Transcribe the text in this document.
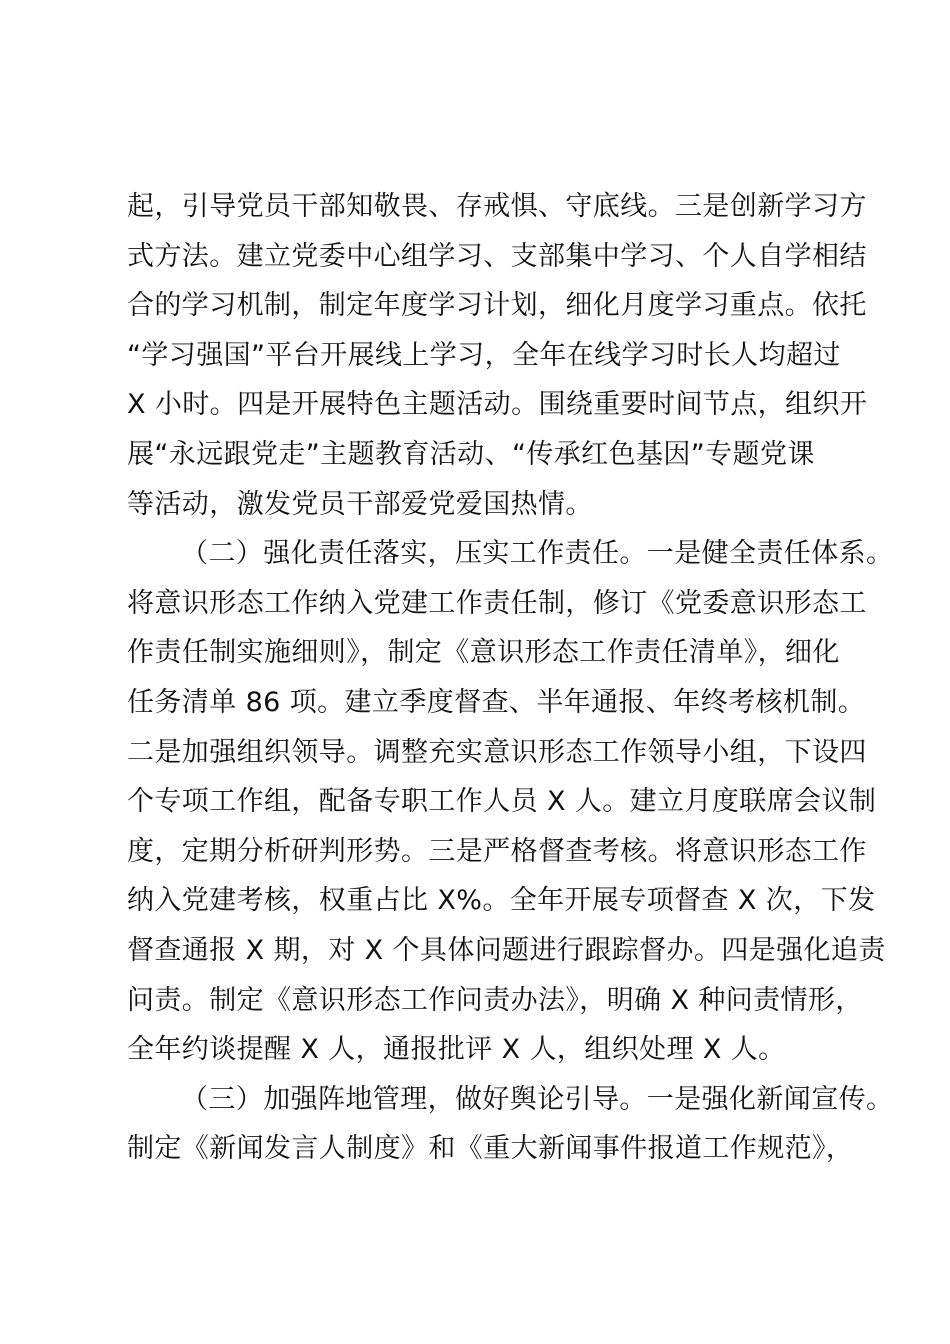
起，引导党员干部知敬畏、存戒惧、守底线。三是创新学习方
式方法。建立党委中心组学习、支部集中学习、个人自学相结
合的学习机制，制定年度学习计划，细化月度学习重点。依托
“学习强国”平台开展线上学习，全年在线学习时长人均超过
X 小时。四是开展特色主题活动。围绕重要时间节点，组织开
展“永远跟党走”主题教育活动、“传承红色基因”专题党课
等活动，激发党员干部爱党爱国热情。
（二）强化责任落实，压实工作责任。一是健全责任体系。
将意识形态工作纳入党建工作责任制，修订《党委意识形态工
作责任制实施细则》，制定《意识形态工作责任清单》，细化
任务清单 86 项。建立季度督查、半年通报、年终考核机制。
二是加强组织领导。调整充实意识形态工作领导小组，下设四
个专项工作组，配备专职工作人员 X 人。建立月度联席会议制
度，定期分析研判形势。三是严格督查考核。将意识形态工作
纳入党建考核，权重占比 X%。全年开展专项督查 X 次，下发
督查通报 X 期，对 X 个具体问题进行跟踪督办。四是强化追责
问责。制定《意识形态工作问责办法》，明确 X 种问责情形，
全年约谈提醒 X 人，通报批评 X 人，组织处理 X 人。
（三）加强阵地管理，做好舆论引导。一是强化新闻宣传。
制定《新闻发言人制度》和《重大新闻事件报道工作规范》，
